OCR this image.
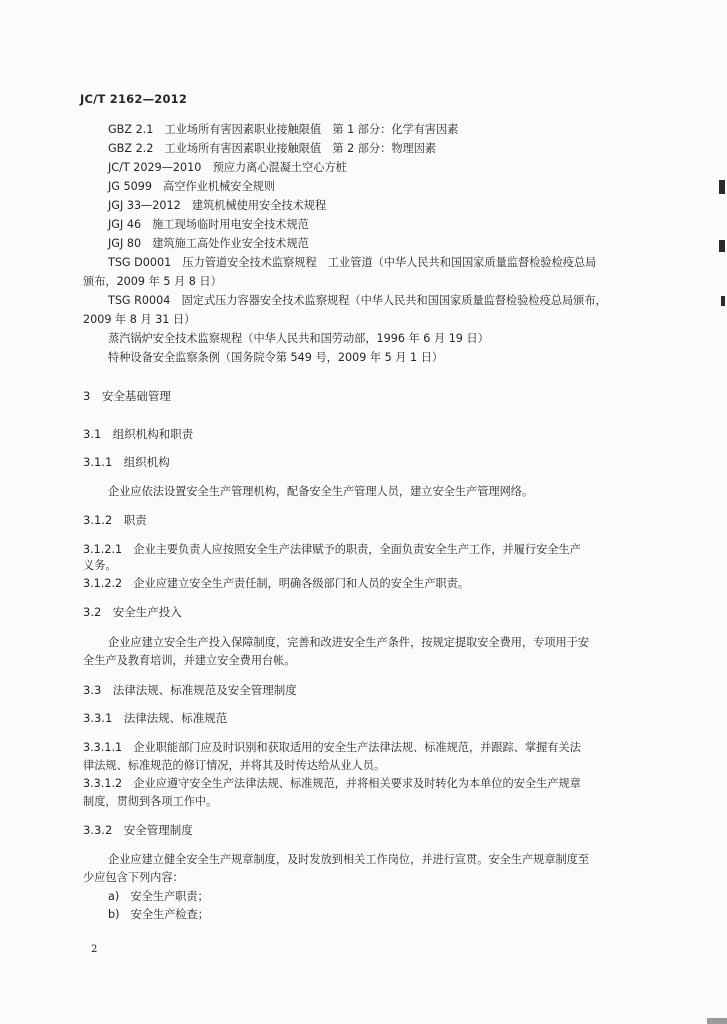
JC/T 2162—2012
GBZ 2.1　工业场所有害因素职业接触限值　第 1 部分：化学有害因素
GBZ 2.2　工业场所有害因素职业接触限值　第 2 部分：物理因素
JC/T 2029—2010　预应力离心混凝土空心方桩
JG 5099　高空作业机械安全规则
JGJ 33—2012　建筑机械使用安全技术规程
JGJ 46　施工现场临时用电安全技术规范
JGJ 80　建筑施工高处作业安全技术规范
TSG D0001　压力管道安全技术监察规程　工业管道（中华人民共和国国家质量监督检验检疫总局
颁布，2009 年 5 月 8 日）
TSG R0004　固定式压力容器安全技术监察规程（中华人民共和国国家质量监督检验检疫总局颁布，
2009 年 8 月 31 日）
蒸汽锅炉安全技术监察规程（中华人民共和国劳动部，1996 年 6 月 19 日）
特种设备安全监察条例（国务院令第 549 号，2009 年 5 月 1 日）
3　安全基础管理
3.1　组织机构和职责
3.1.1　组织机构
企业应依法设置安全生产管理机构，配备安全生产管理人员，建立安全生产管理网络。
3.1.2　职责
3.1.2.1　企业主要负责人应按照安全生产法律赋予的职责，全面负责安全生产工作，并履行安全生产
义务。
3.1.2.2　企业应建立安全生产责任制，明确各级部门和人员的安全生产职责。
3.2　安全生产投入
企业应建立安全生产投入保障制度，完善和改进安全生产条件，按规定提取安全费用，专项用于安
全生产及教育培训，并建立安全费用台帐。
3.3　法律法规、标准规范及安全管理制度
3.3.1　法律法规、标准规范
3.3.1.1　企业职能部门应及时识别和获取适用的安全生产法律法规、标准规范，并跟踪、掌握有关法
律法规、标准规范的修订情况，并将其及时传达给从业人员。
3.3.1.2　企业应遵守安全生产法律法规、标准规范，并将相关要求及时转化为本单位的安全生产规章
制度，贯彻到各项工作中。
3.3.2　安全管理制度
企业应建立健全安全生产规章制度，及时发放到相关工作岗位，并进行宣贯。安全生产规章制度至
少应包含下列内容：
a)　安全生产职责；
b)　安全生产检查；
2
